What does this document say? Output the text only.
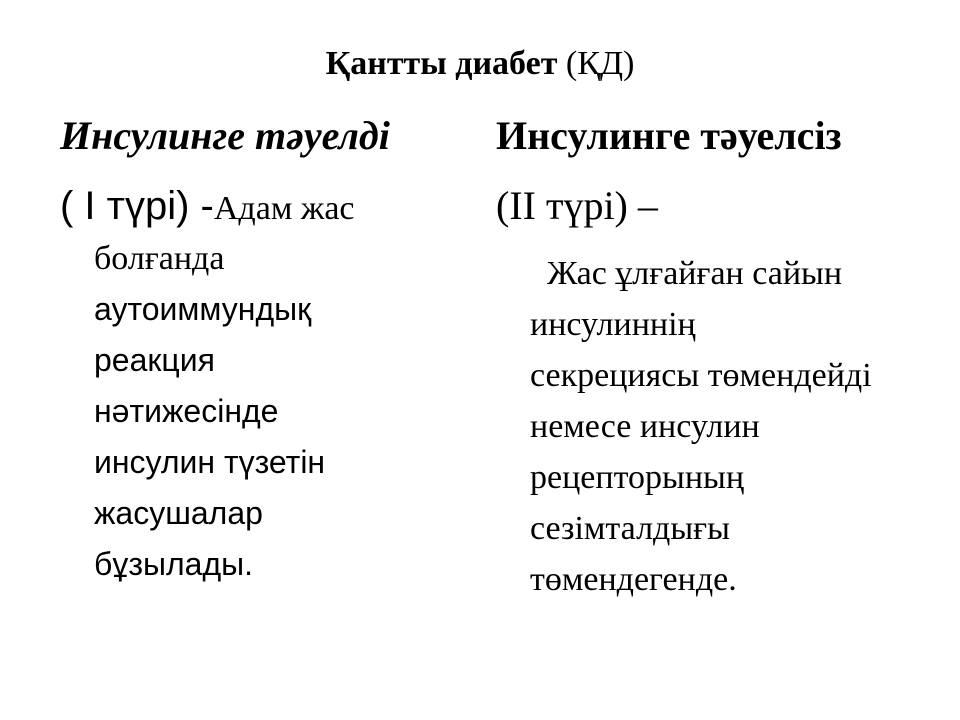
Қантты диабет (ҚД)
Инсулинге тәуелді
( I түрі) -Адам жас
болғанда
аутоиммундық
реакция
нәтижесінде
инсулин түзетін
жасушалар
бұзылады.
Инсулинге тәуелсіз
(II түрі) –
Жас ұлғайған сайын
инсулиннің
секрециясы төмендейді
немесе инсулин
рецепторының
сезімталдығы
төмендегенде.
